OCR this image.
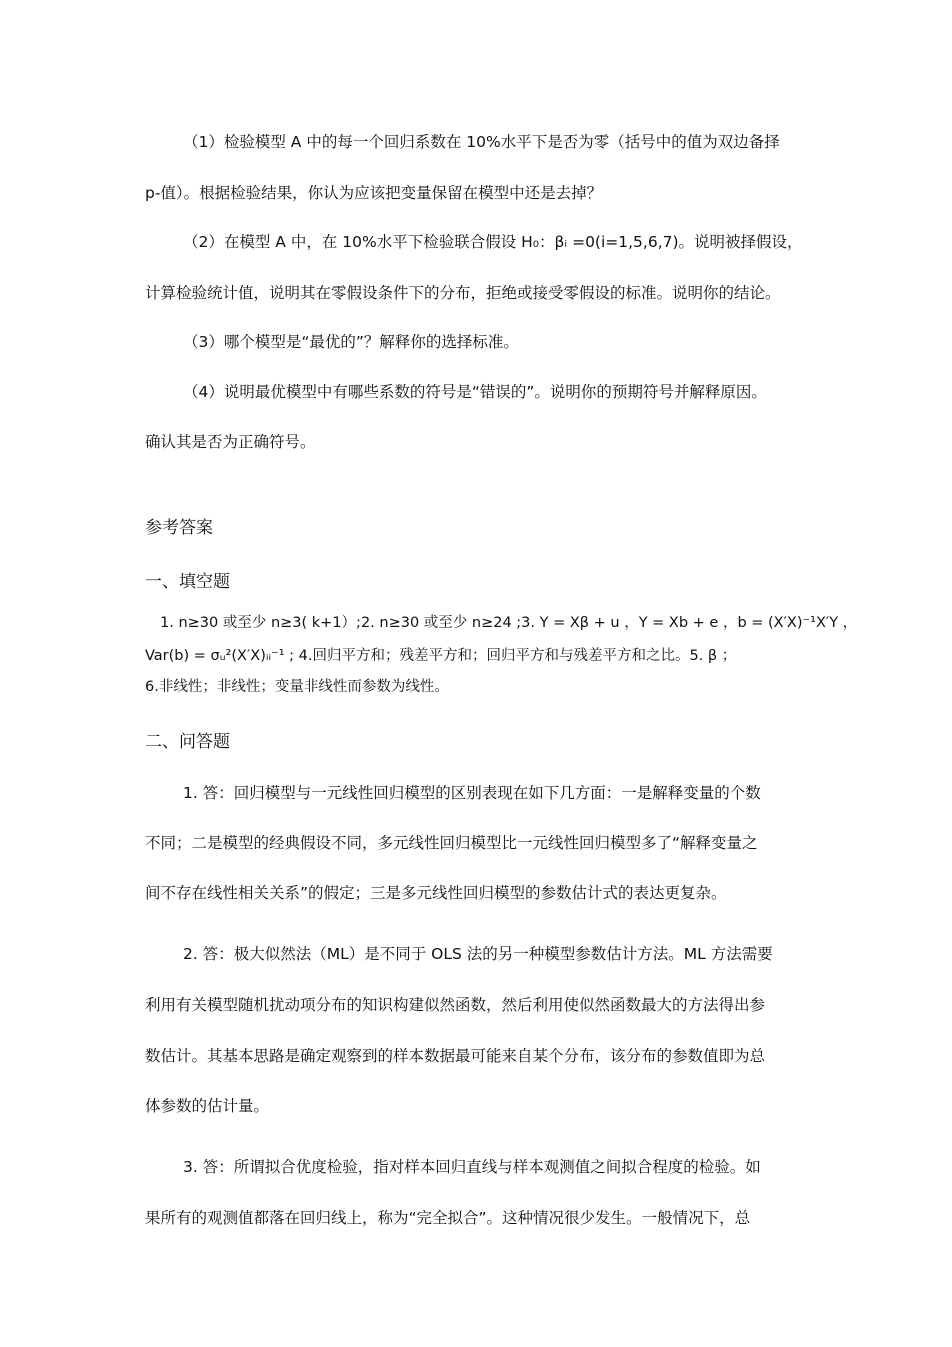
（1）检验模型 A 中的每一个回归系数在 10%水平下是否为零（括号中的值为双边备择
p-值）。根据检验结果，你认为应该把变量保留在模型中还是去掉？
（2）在模型 A 中，在 10%水平下检验联合假设 H₀：βᵢ =0(i=1,5,6,7)。说明被择假设，
计算检验统计值，说明其在零假设条件下的分布，拒绝或接受零假设的标准。说明你的结论。
（3）哪个模型是“最优的”？解释你的选择标准。
（4）说明最优模型中有哪些系数的符号是“错误的”。说明你的预期符号并解释原因。
确认其是否为正确符号。
参考答案
一、填空题
1. n≥30 或至少 n≥3( k+1）;2. n≥30 或至少 n≥24 ;3. Y = Xβ + u ，Y = Xb + e ，b = (X′X)⁻¹X′Y ，
Var(b) = σᵤ²(X′X)ᵢᵢ⁻¹ ; 4.回归平方和；残差平方和；回归平方和与残差平方和之比。5. β ；
6.非线性；非线性；变量非线性而参数为线性。
二、问答题
1. 答：回归模型与一元线性回归模型的区别表现在如下几方面：一是解释变量的个数
不同；二是模型的经典假设不同，多元线性回归模型比一元线性回归模型多了“解释变量之
间不存在线性相关关系”的假定；三是多元线性回归模型的参数估计式的表达更复杂。
2. 答：极大似然法（ML）是不同于 OLS 法的另一种模型参数估计方法。ML 方法需要
利用有关模型随机扰动项分布的知识构建似然函数，然后利用使似然函数最大的方法得出参
数估计。其基本思路是确定观察到的样本数据最可能来自某个分布，该分布的参数值即为总
体参数的估计量。
3. 答：所谓拟合优度检验，指对样本回归直线与样本观测值之间拟合程度的检验。如
果所有的观测值都落在回归线上，称为“完全拟合”。这种情况很少发生。一般情况下，总
